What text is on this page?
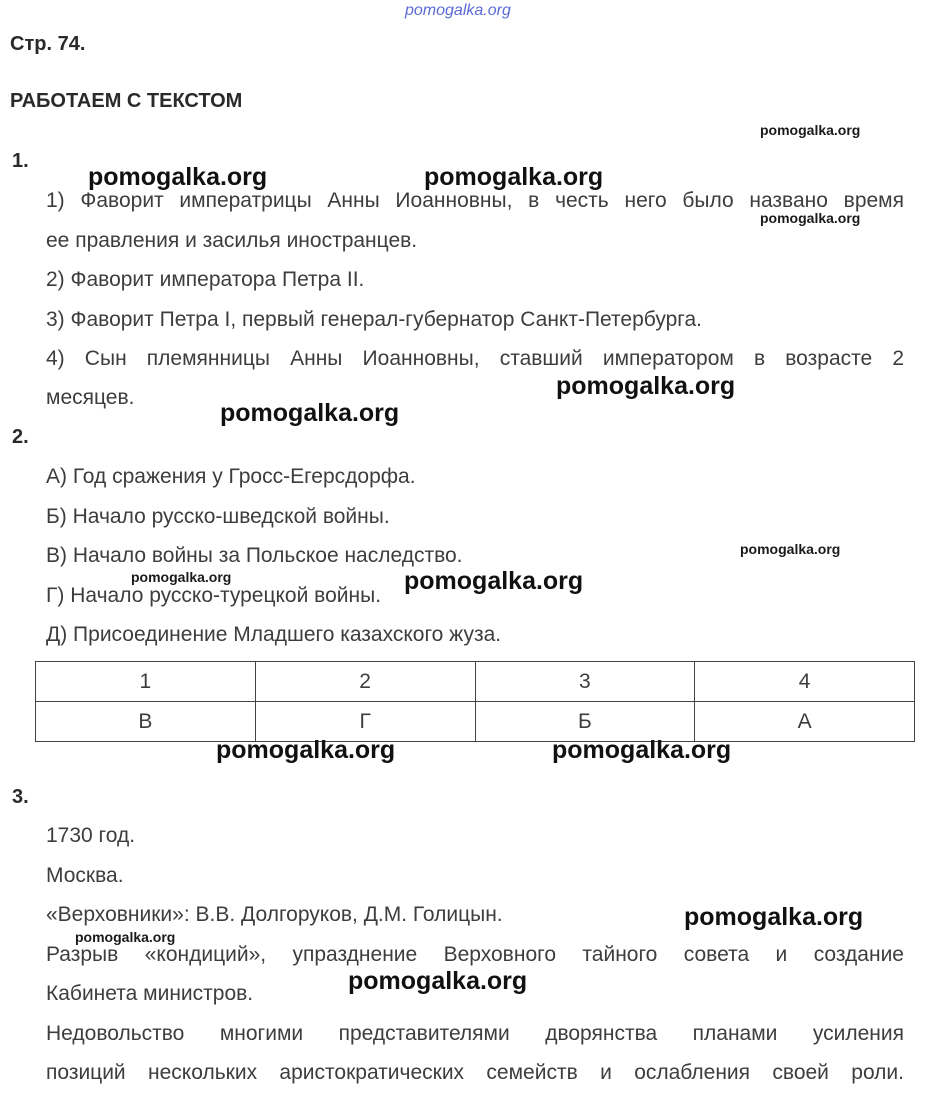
pomogalka.org
Стр. 74.
РАБОТАЕМ С ТЕКСТОМ
1.
1) Фаворит императрицы Анны Иоанновны, в честь него было названо время
ее правления и засилья иностранцев.
2) Фаворит императора Петра II.
3) Фаворит Петра I, первый генерал-губернатор Санкт-Петербурга.
4) Сын племянницы Анны Иоанновны, ставший императором в возрасте 2
месяцев.
2.
А) Год сражения у Гросс-Егерсдорфа.
Б) Начало русско-шведской войны.
В) Начало войны за Польское наследство.
Г) Начало русско-турецкой войны.
Д) Присоединение Младшего казахского жуза.
1	2	3	4
В	Г	Б	А
3.
1730 год.
Москва.
«Верховники»: В.В. Долгоруков, Д.М. Голицын.
Разрыв «кондиций», упразднение Верховного тайного совета и создание
Кабинета министров.
Недовольство многими представителями дворянства планами усиления
позиций нескольких аристократических семейств и ослабления своей роли.
pomogalka.org
pomogalka.org	pomogalka.org
pomogalka.org
pomogalka.org
pomogalka.org
pomogalka.org
pomogalka.org	pomogalka.org
pomogalka.org	pomogalka.org
pomogalka.org
pomogalka.org
pomogalka.org
